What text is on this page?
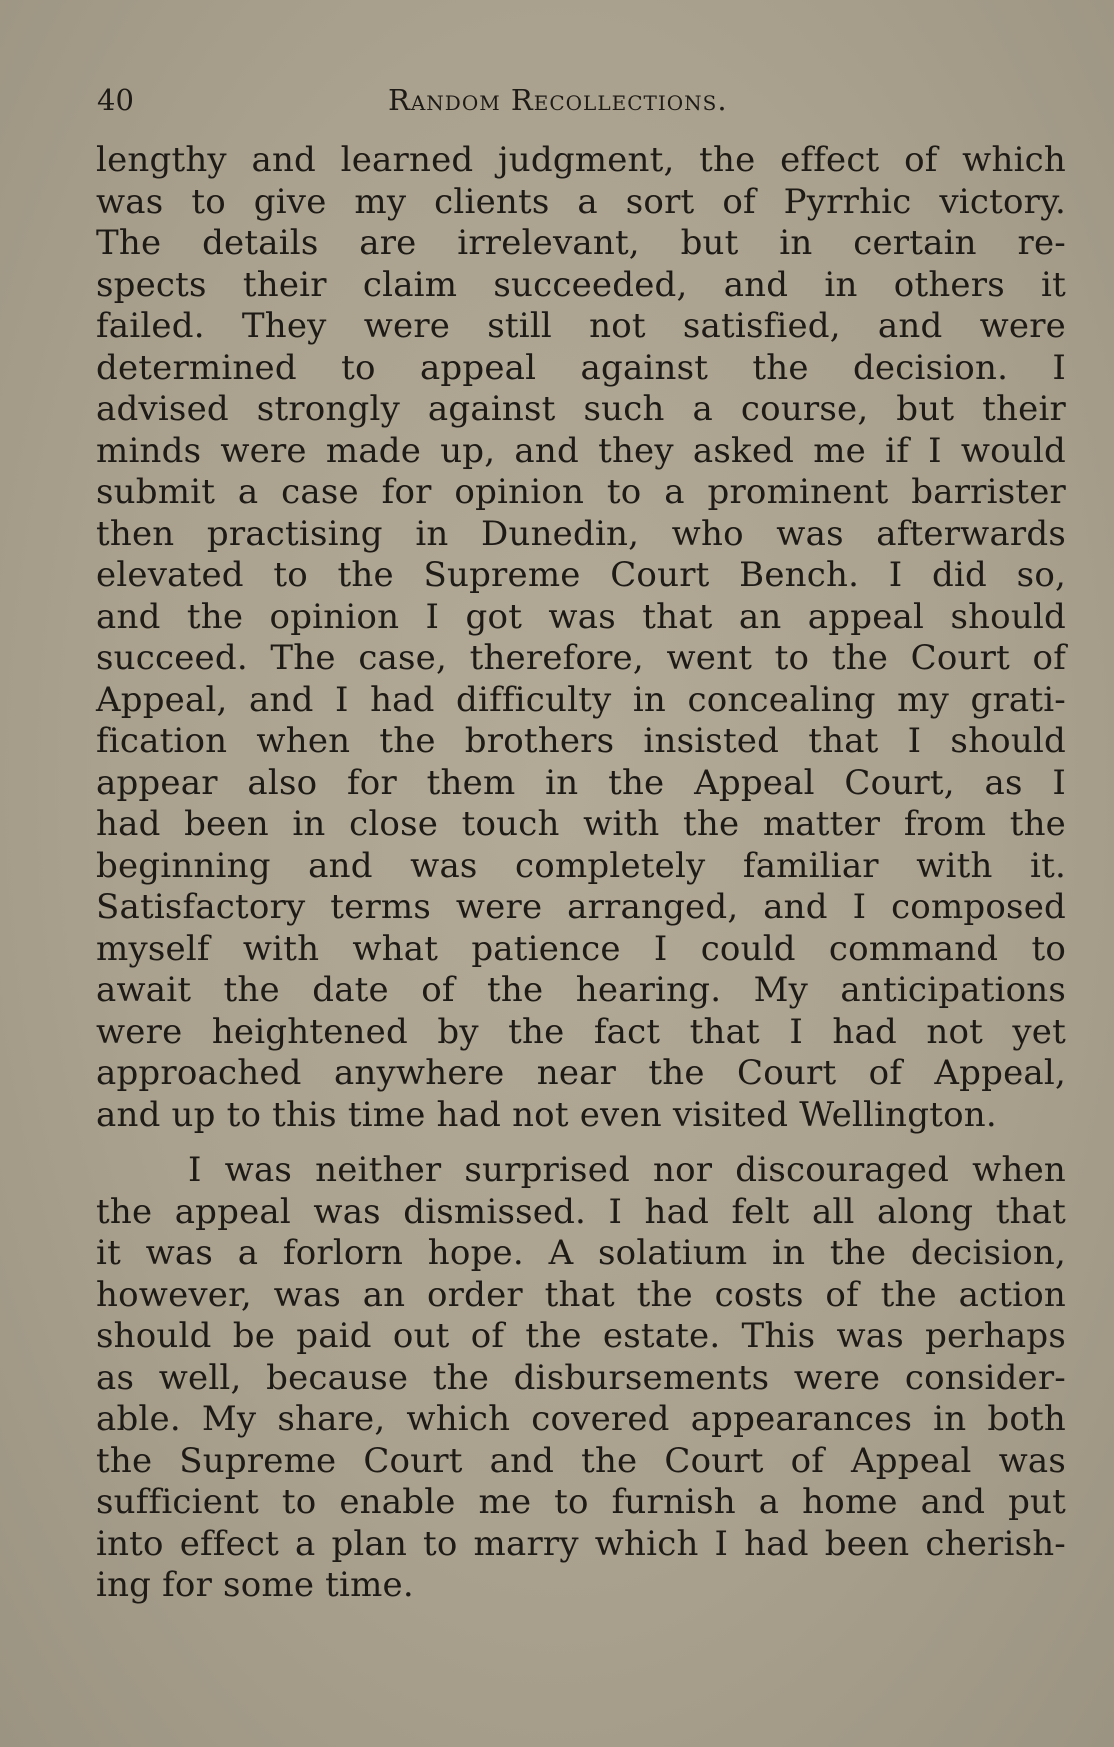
40	Random Recollections.
lengthy and learned judgment, the effect of which
was to give my clients a sort of Pyrrhic victory.
The details are irrelevant, but in certain re-
spects their claim succeeded, and in others it
failed. They were still not satisfied, and were
determined to appeal against the decision. I
advised strongly against such a course, but their
minds were made up, and they asked me if I would
submit a case for opinion to a prominent barrister
then practising in Dunedin, who was afterwards
elevated to the Supreme Court Bench. I did so,
and the opinion I got was that an appeal should
succeed. The case, therefore, went to the Court of
Appeal, and I had difficulty in concealing my grati-
fication when the brothers insisted that I should
appear also for them in the Appeal Court, as I
had been in close touch with the matter from the
beginning and was completely familiar with it.
Satisfactory terms were arranged, and I composed
myself with what patience I could command to
await the date of the hearing. My anticipations
were heightened by the fact that I had not yet
approached anywhere near the Court of Appeal,
and up to this time had not even visited Wellington.
I was neither surprised nor discouraged when
the appeal was dismissed. I had felt all along that
it was a forlorn hope. A solatium in the decision,
however, was an order that the costs of the action
should be paid out of the estate. This was perhaps
as well, because the disbursements were consider-
able. My share, which covered appearances in both
the Supreme Court and the Court of Appeal was
sufficient to enable me to furnish a home and put
into effect a plan to marry which I had been cherish-
ing for some time.
